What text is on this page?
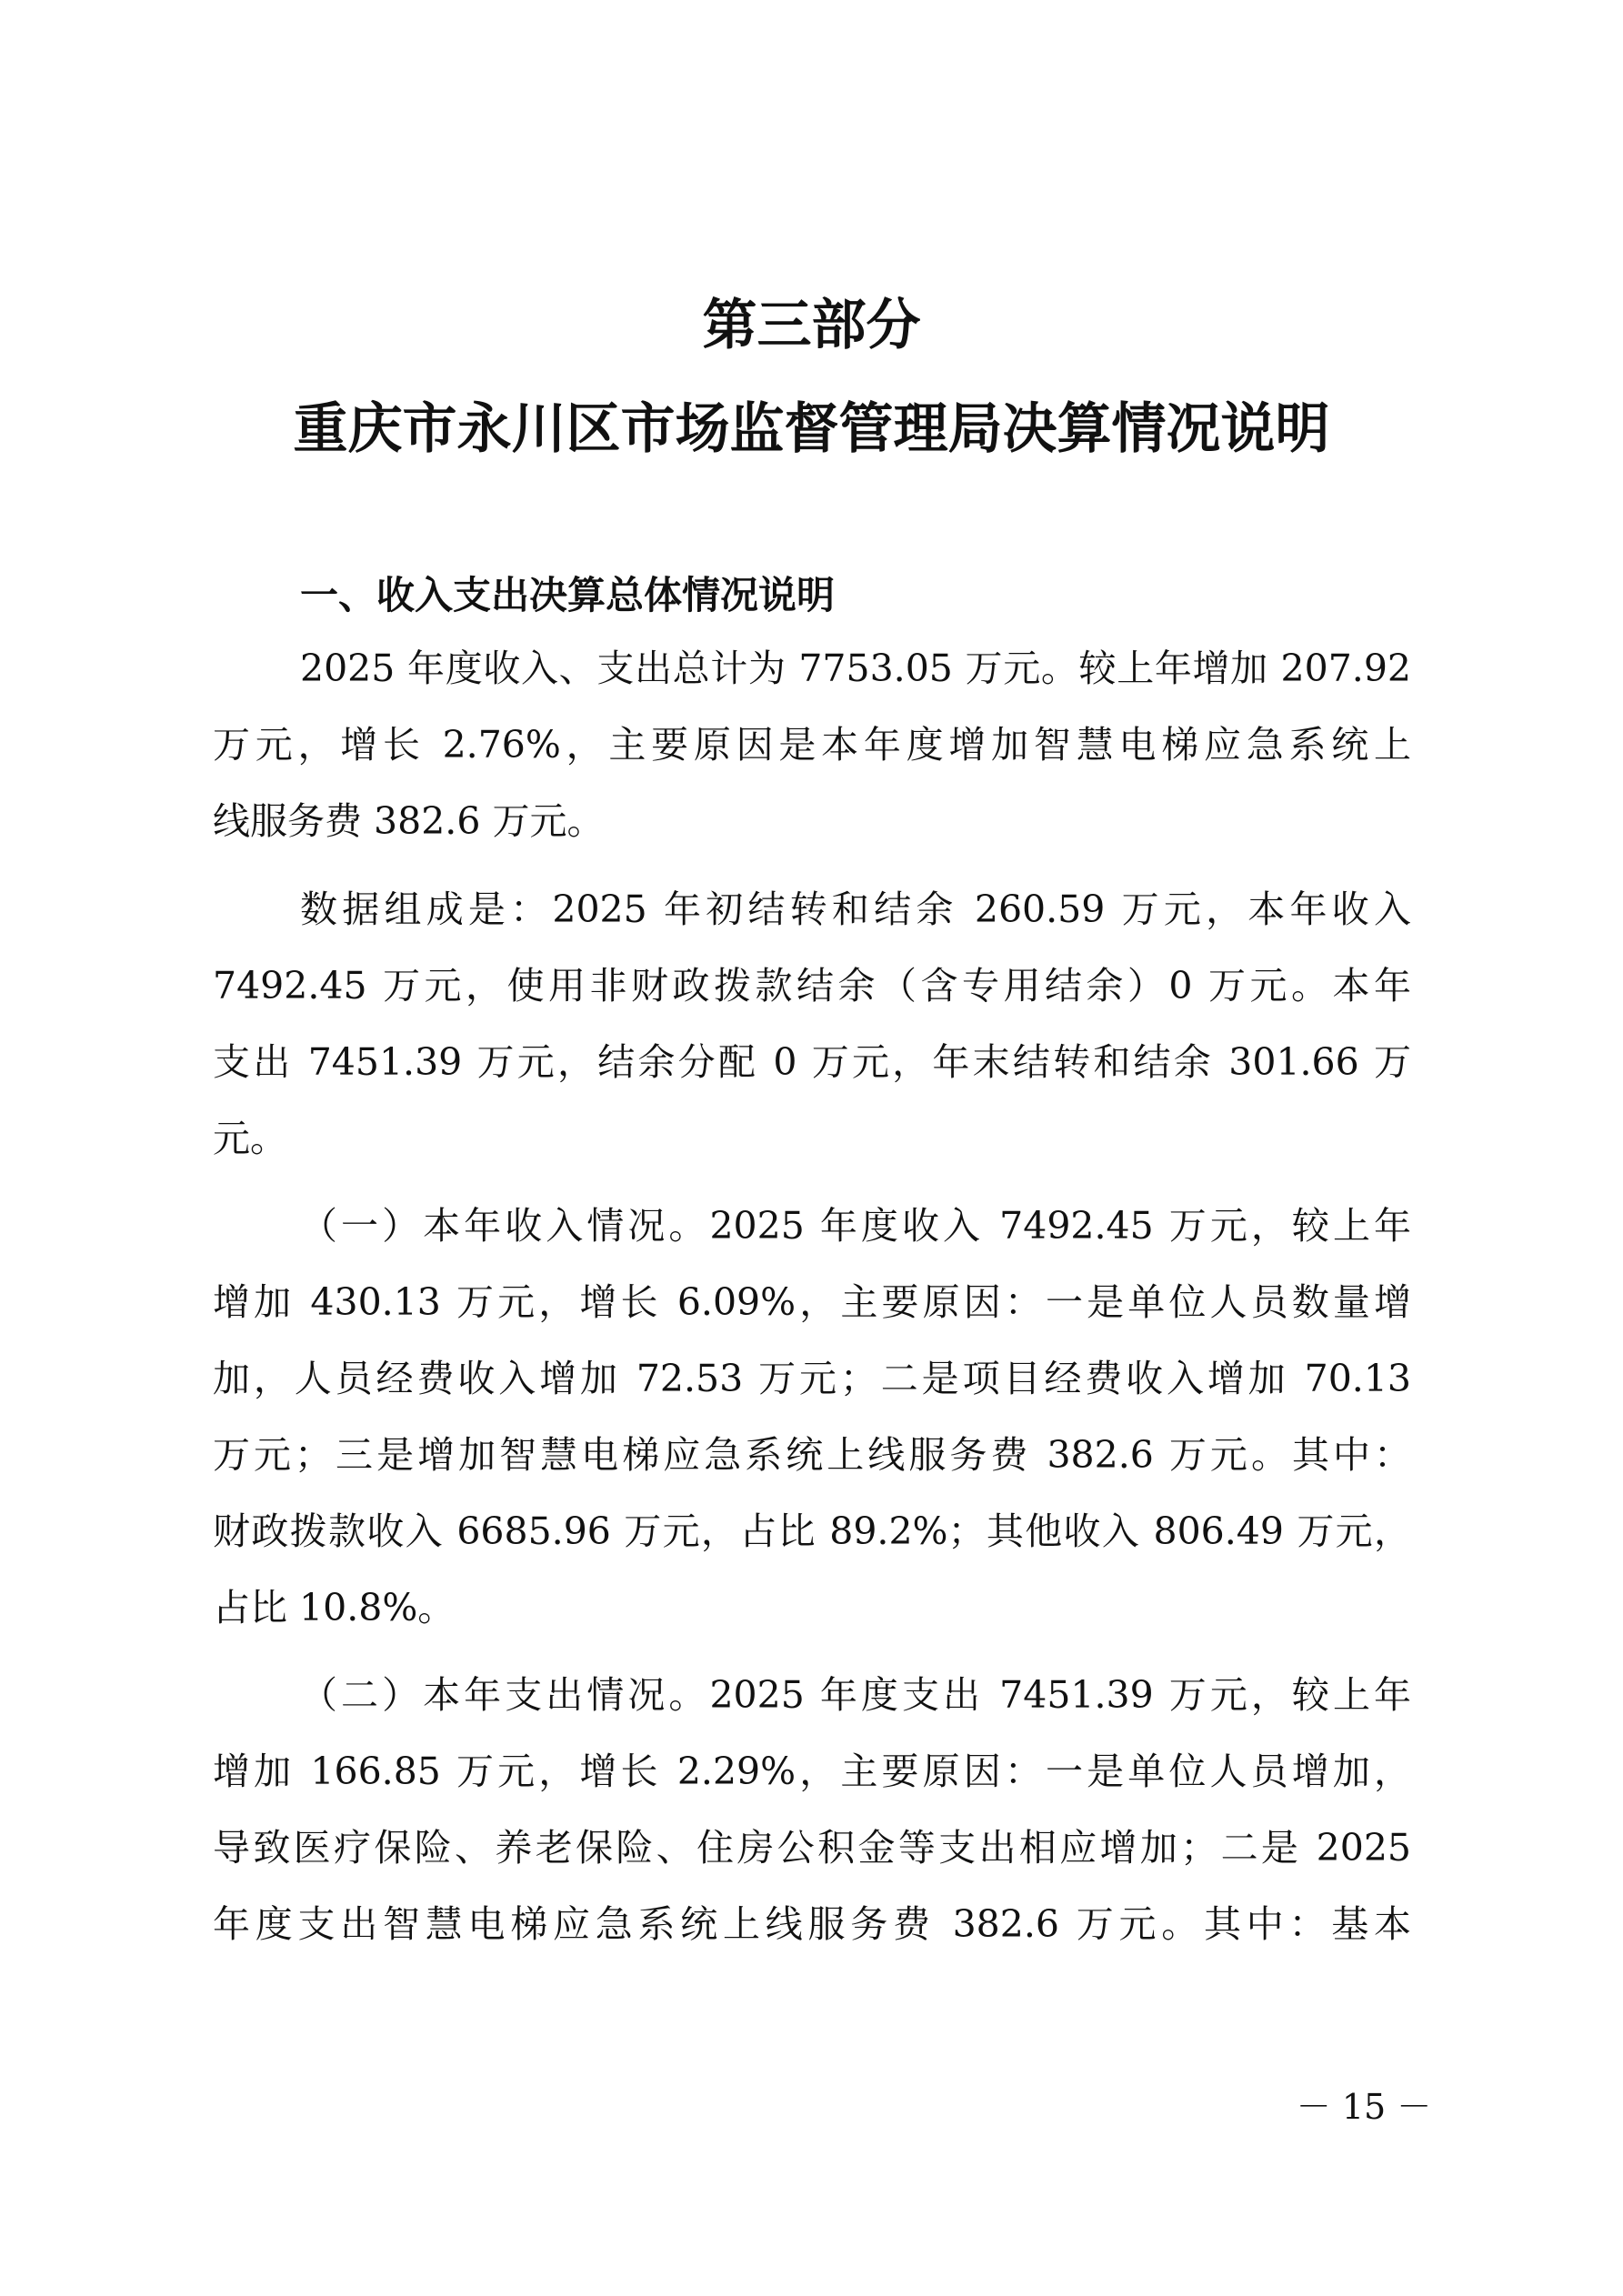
第三部分
重庆市永川区市场监督管理局决算情况说明
一、收入支出决算总体情况说明
2025 年度收入、支出总计为 7753.05 万元。较上年增加 207.92
万元，增长 2.76%，主要原因是本年度增加智慧电梯应急系统上
线服务费 382.6 万元。
数据组成是：2025 年初结转和结余 260.59 万元，本年收入
7492.45 万元，使用非财政拨款结余（含专用结余）0 万元。本年
支出 7451.39 万元，结余分配 0 万元，年末结转和结余 301.66 万
元。
（一）本年收入情况。2025 年度收入 7492.45 万元，较上年
增加 430.13 万元，增长 6.09%，主要原因：一是单位人员数量增
加，人员经费收入增加 72.53 万元；二是项目经费收入增加 70.13
万元；三是增加智慧电梯应急系统上线服务费 382.6 万元。其中：
财政拨款收入 6685.96 万元，占比 89.2%；其他收入 806.49 万元，
占比 10.8%。
（二）本年支出情况。2025 年度支出 7451.39 万元，较上年
增加 166.85 万元，增长 2.29%，主要原因：一是单位人员增加，
导致医疗保险、养老保险、住房公积金等支出相应增加；二是 2025
年度支出智慧电梯应急系统上线服务费 382.6 万元。其中：基本
－ 15 －
